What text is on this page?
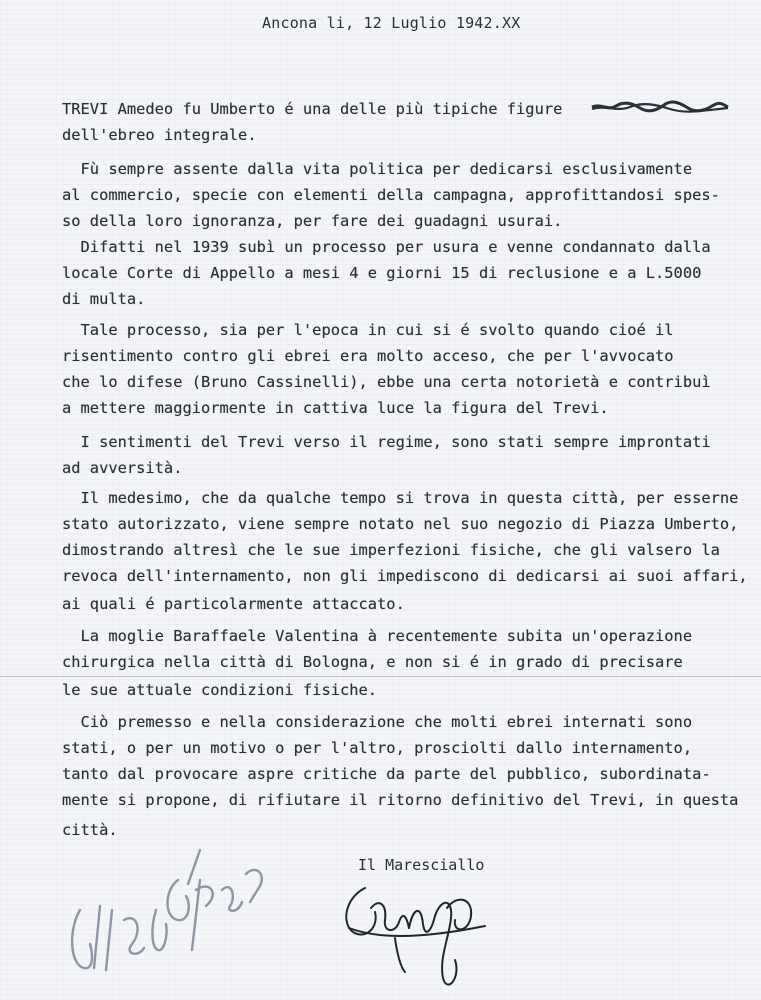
Ancona li, 12 Luglio 1942.XX
TREVI Amedeo fu Umberto é una delle più tipiche figure
dell'ebreo integrale.
Fù sempre assente dalla vita politica per dedicarsi esclusivamente
al commercio, specie con elementi della campagna, approfittandosi spes-
so della loro ignoranza, per fare dei guadagni usurai.
Difatti nel 1939 subì un processo per usura e venne condannato dalla
locale Corte di Appello a mesi 4 e giorni 15 di reclusione e a L.5000
di multa.
Tale processo, sia per l'epoca in cui si é svolto quando cioé il
risentimento contro gli ebrei era molto acceso, che per l'avvocato
che lo difese (Bruno Cassinelli), ebbe una certa notorietà e contribuì
a mettere maggiormente in cattiva luce la figura del Trevi.
I sentimenti del Trevi verso il regime, sono stati sempre improntati
ad avversità.
Il medesimo, che da qualche tempo si trova in questa città, per esserne
stato autorizzato, viene sempre notato nel suo negozio di Piazza Umberto,
dimostrando altresì che le sue imperfezioni fisiche, che gli valsero la
revoca dell'internamento, non gli impediscono di dedicarsi ai suoi affari,
ai quali é particolarmente attaccato.
La moglie Baraffaele Valentina à recentemente subita un'operazione
chirurgica nella città di Bologna, e non si é in grado di precisare
le sue attuale condizioni fisiche.
Ciò premesso e nella considerazione che molti ebrei internati sono
stati, o per un motivo o per l'altro, prosciolti dallo internamento,
tanto dal provocare aspre critiche da parte del pubblico, subordinata-
mente si propone, di rifiutare il ritorno definitivo del Trevi, in questa
città.
Il Maresciallo
